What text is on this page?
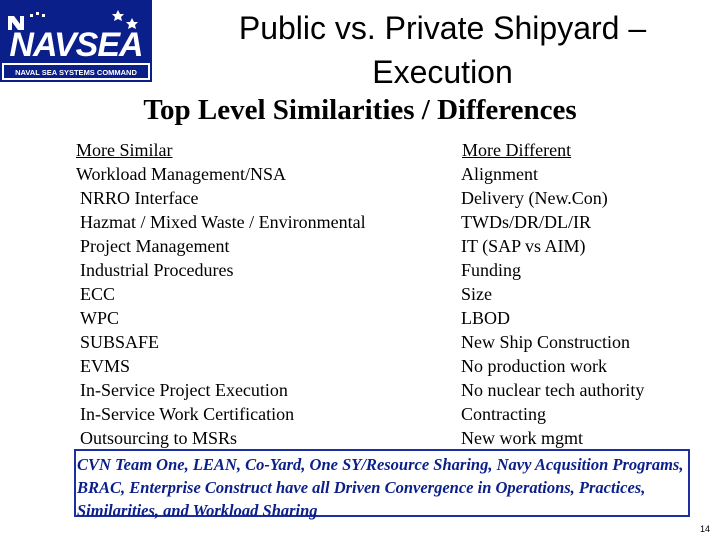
NAVSEA
NAVAL SEA SYSTEMS COMMAND
Public vs. Private Shipyard – Execution
Top Level Similarities / Differences
More Similar
Workload Management/NSA
NRRO Interface
Hazmat / Mixed Waste / Environmental
Project Management
Industrial Procedures
ECC
WPC
SUBSAFE
EVMS
In-Service Project Execution
In-Service Work Certification
Outsourcing to MSRs
More Different
Alignment
Delivery (New.Con)
TWDs/DR/DL/IR
IT (SAP vs AIM)
Funding
Size
LBOD
New Ship Construction
No production work
No nuclear tech authority
Contracting
New work mgmt
CVN Team One, LEAN, Co-Yard, One SY/Resource Sharing, Navy Acqusition Programs, BRAC, Enterprise Construct have all Driven Convergence in Operations, Practices, Similarities, and Workload Sharing
14
